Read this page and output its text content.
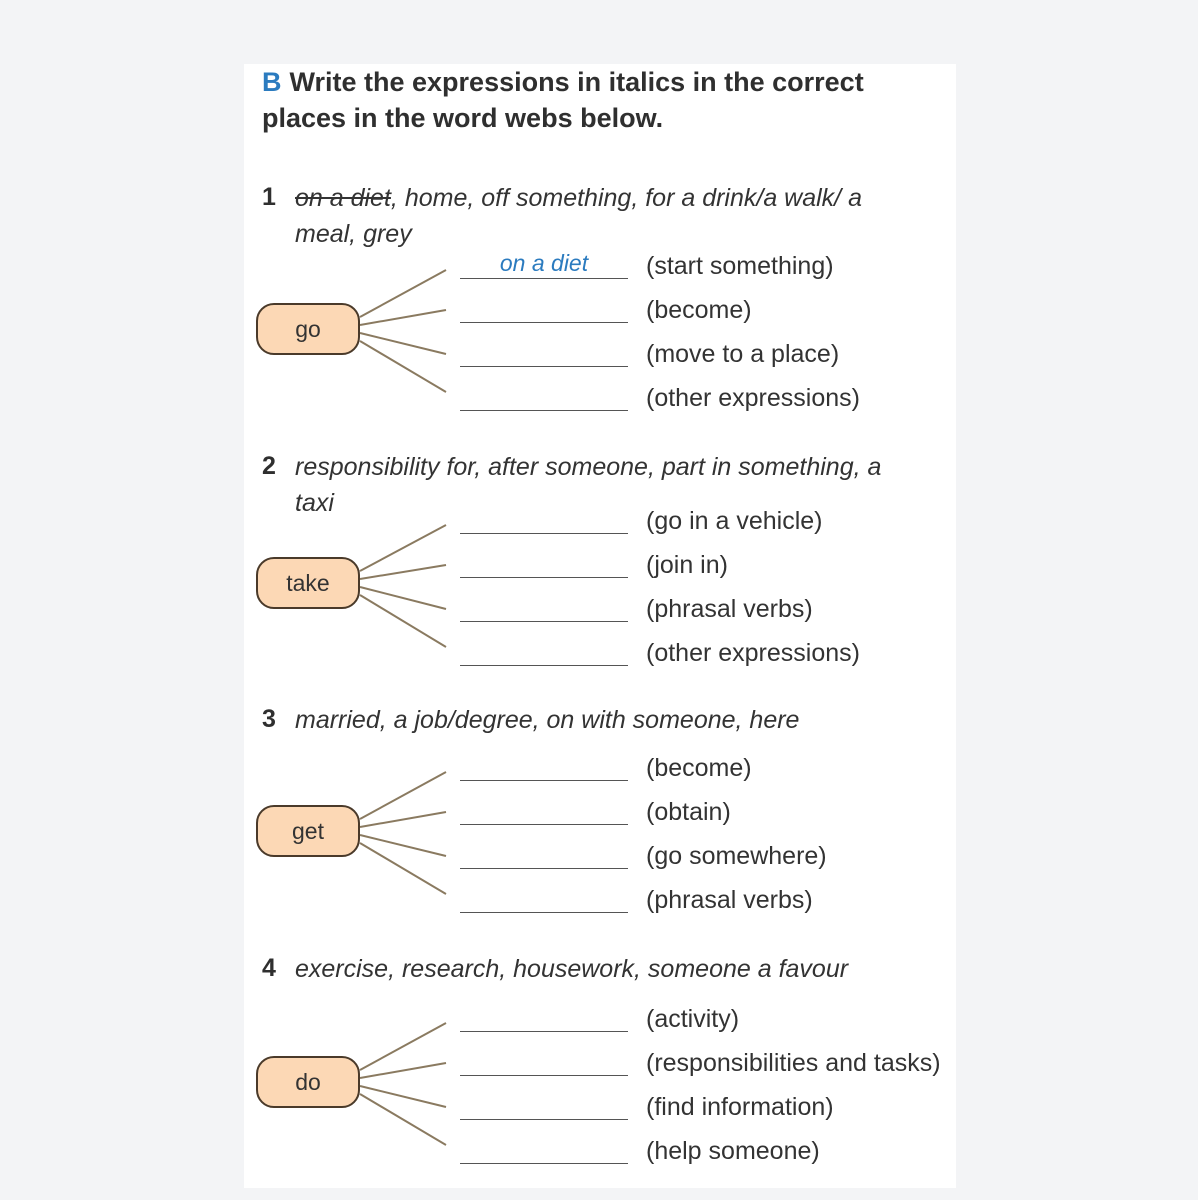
B Write the expressions in italics in the correct places in the word webs below.
1 on a diet, home, off something, for a drink/a walk/ a meal, grey
2 responsibility for, after someone, part in something, a taxi
3 married, a job/degree, on with someone, here
4 exercise, research, housework, someone a favour
go
on a diet	(start something)
(become)
(move to a place)
(other expressions)
take
(go in a vehicle)
(join in)
(phrasal verbs)
(other expressions)
get
(become)
(obtain)
(go somewhere)
(phrasal verbs)
do
(activity)
(responsibilities and tasks)
(find information)
(help someone)
